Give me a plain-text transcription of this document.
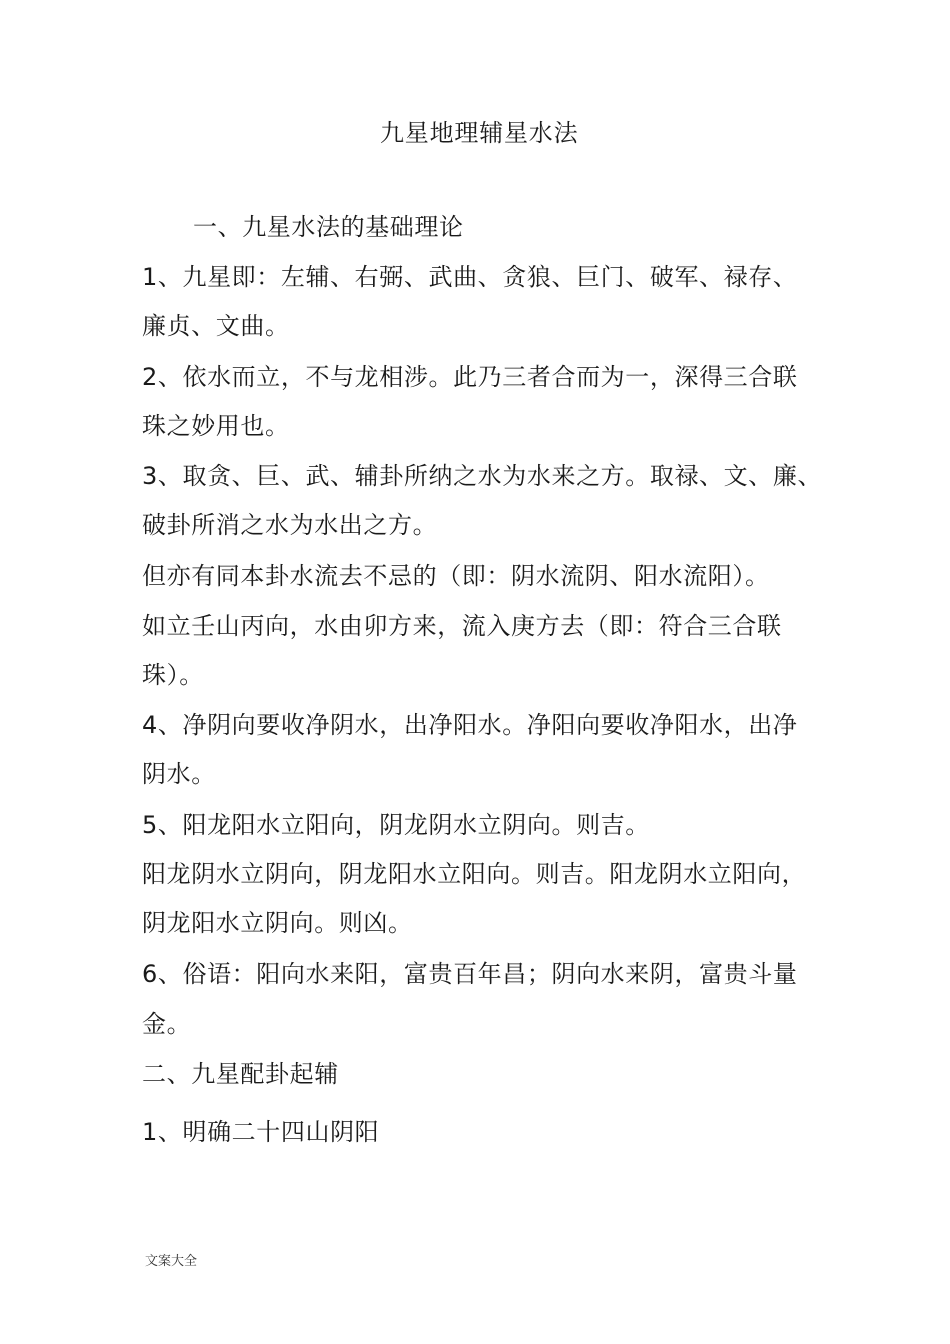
九星地理辅星水法
一、九星水法的基础理论
1、九星即：左辅、右弼、武曲、贪狼、巨门、破军、禄存、
廉贞、文曲。
2、依水而立，不与龙相涉。此乃三者合而为一，深得三合联
珠之妙用也。
3、取贪、巨、武、辅卦所纳之水为水来之方。取禄、文、廉、
破卦所消之水为水出之方。
但亦有同本卦水流去不忌的（即：阴水流阴、阳水流阳）。
如立壬山丙向，水由卯方来，流入庚方去（即：符合三合联
珠）。
4、净阴向要收净阴水，出净阳水。净阳向要收净阳水，出净
阴水。
5、阳龙阳水立阳向，阴龙阴水立阴向。则吉。
阳龙阴水立阴向，阴龙阳水立阳向。则吉。阳龙阴水立阳向，
阴龙阳水立阴向。则凶。
6、俗语：阳向水来阳，富贵百年昌；阴向水来阴，富贵斗量
金。
二、九星配卦起辅
1、明确二十四山阴阳
文案大全
